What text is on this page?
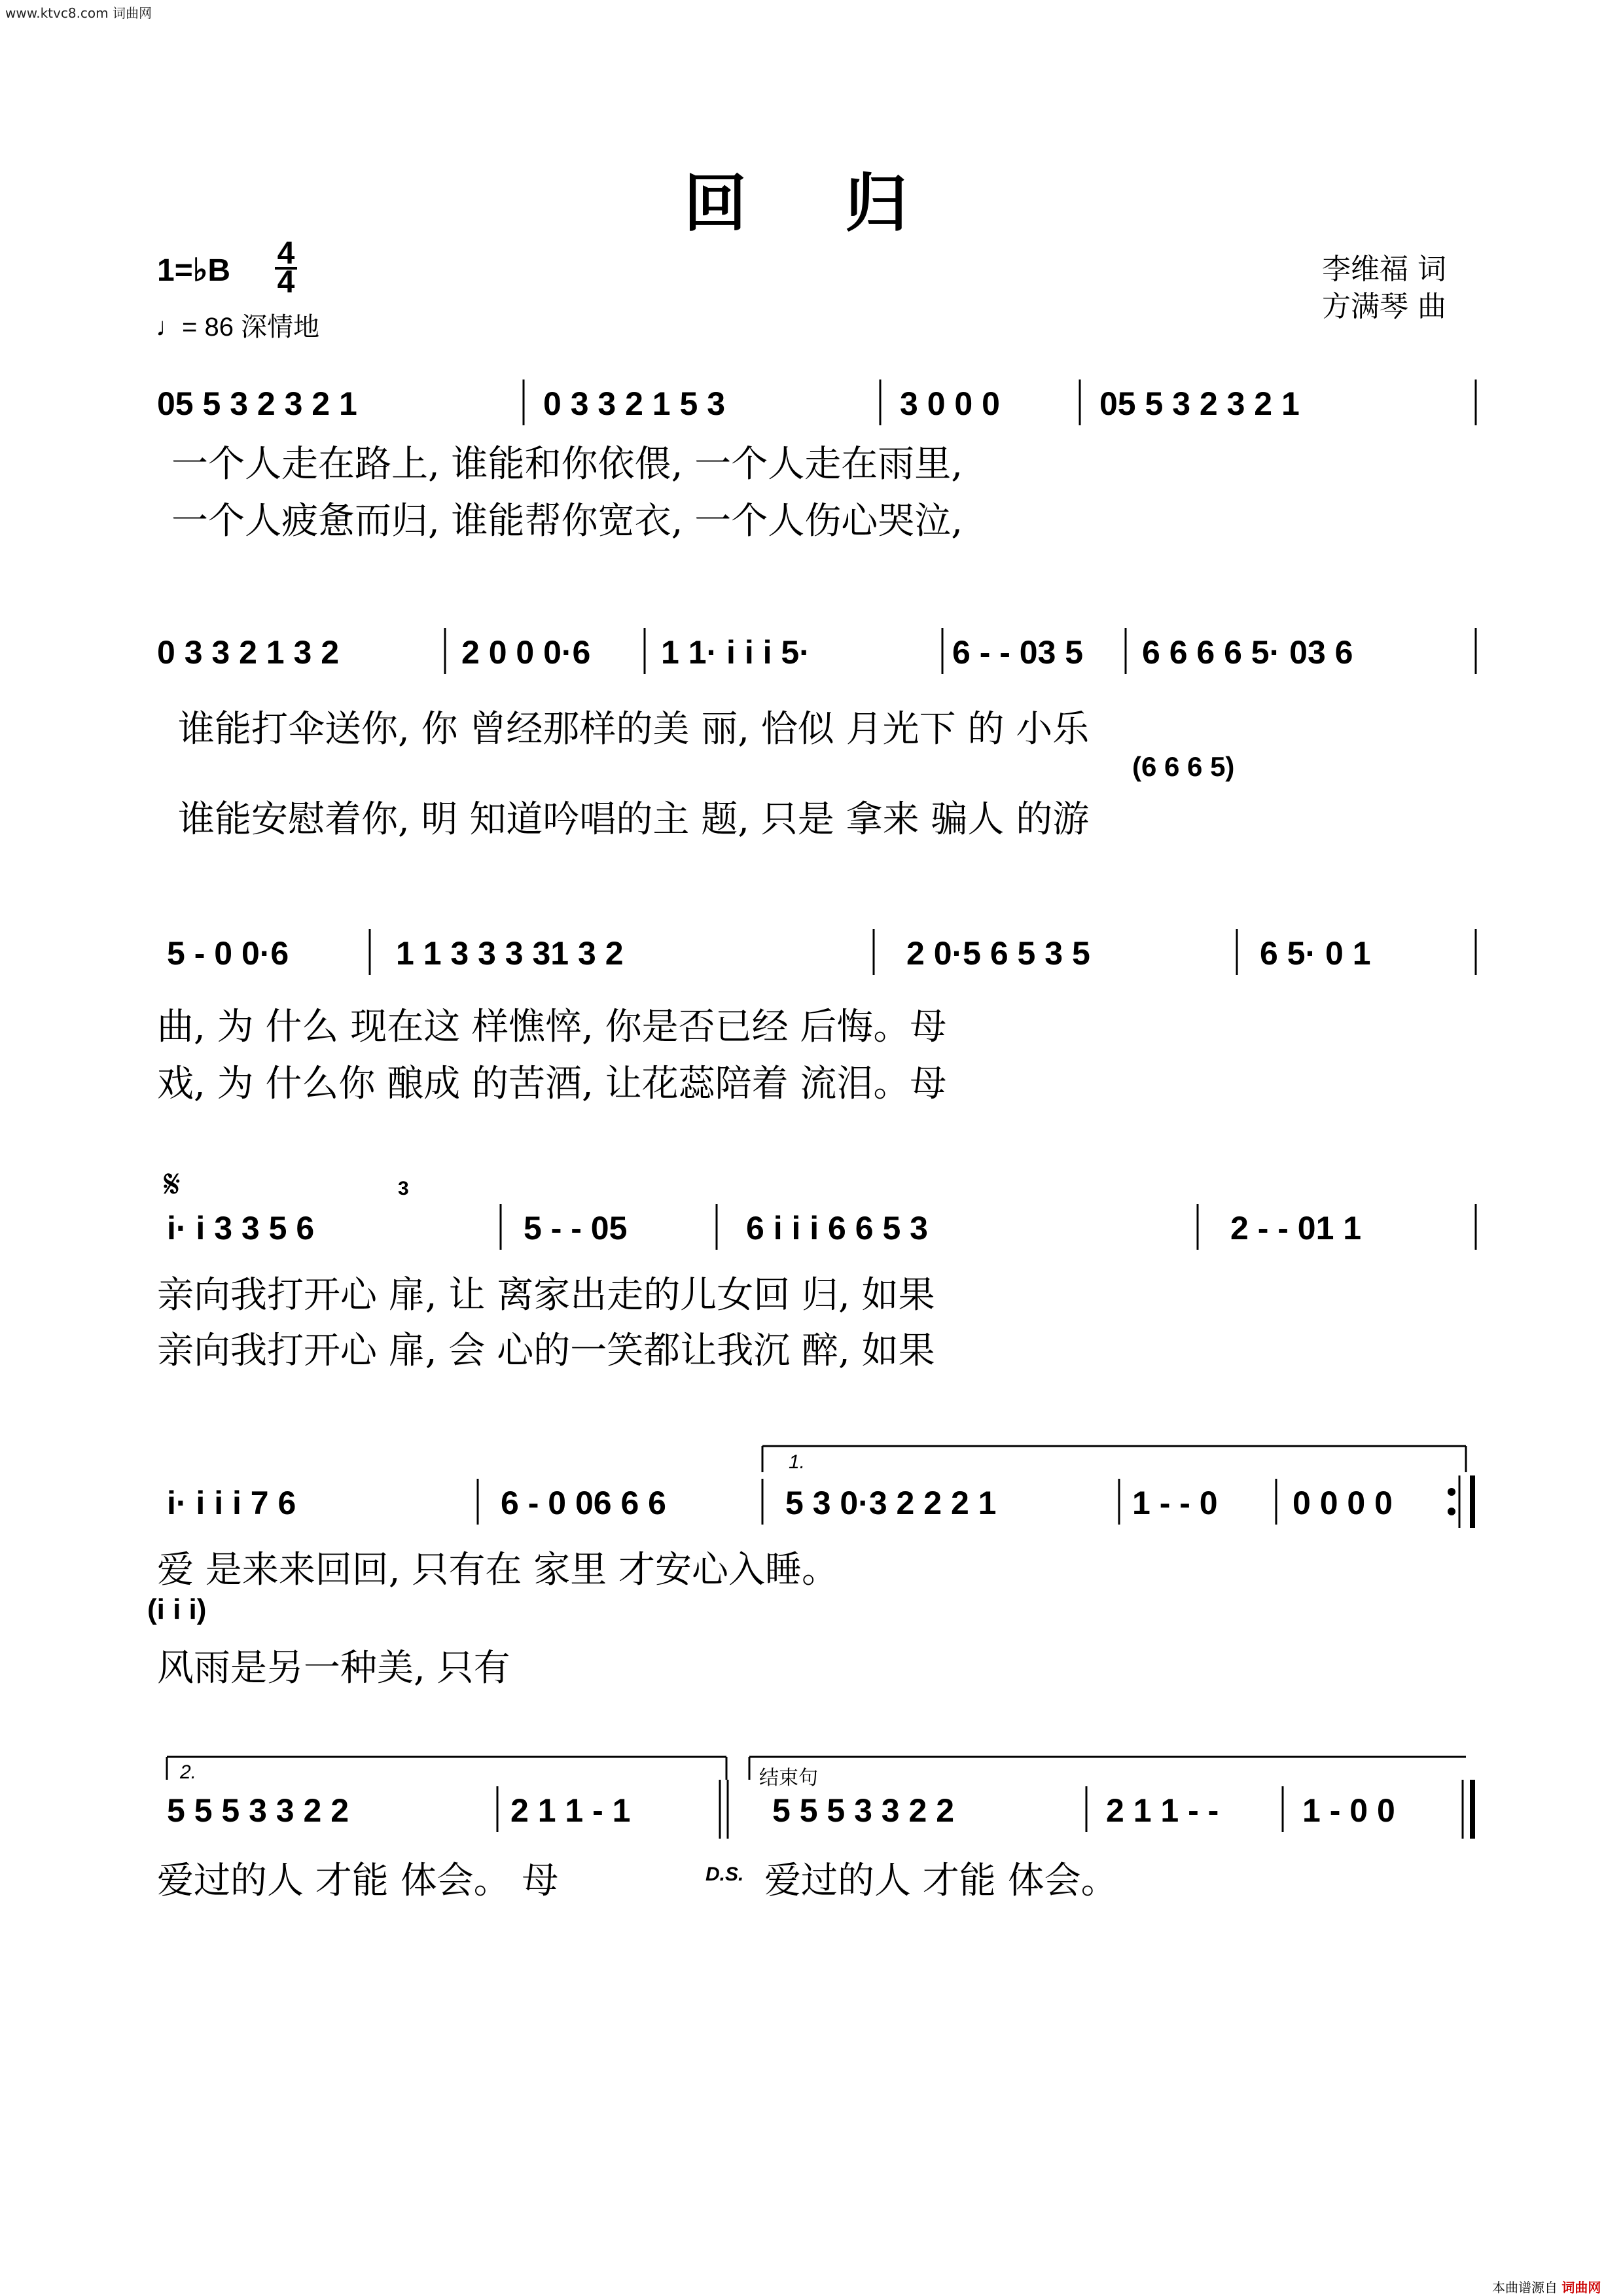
www.ktvc8.com 词曲网
回归
1=♭B 4
4
♩= 86 深情地
李维福 词
方满琴 曲
05 5 3 2 3 2 1	0 3 3 2 1 5 3	3 0 0 0	05 5 3 2 3 2 1
一个人走在路上, 谁能和你依偎, 一个人走在雨里,
一个人疲惫而归, 谁能帮你宽衣, 一个人伤心哭泣,
0 3 3 2 1 3 2	2 0 0 0·6 1 1· i i i 5·	6 - - 03 5 6 6 6 6 5· 03 6
谁能打伞送你, 你 曾经那样的美 丽, 恰似 月光下 的 小乐
(6 6 6 5)
谁能安慰着你, 明 知道吟唱的主 题, 只是 拿来 骗人 的游
5 - 0 0·6	1 1 3 3 3 31 3 2	2 0·5 6 5 3 5	6 5· 0 1
曲, 为 什么 现在这 样憔悴, 你是否已经 后悔。母
戏, 为 什么你 酿成 的苦酒, 让花蕊陪着 流泪。母
𝄋	3
i· i 3 3 5 6	5 - - 05	6 i i i 6 6 5 3	2 - - 01 1
亲向我打开心 扉, 让 离家出走的儿女回 归, 如果
亲向我打开心 扉, 会 心的一笑都让我沉 醉, 如果
1.
i· i i i 7 6	6 - 0 06 6 6	5 3 0·3 2 2 2 1	1 - - 0 0 0 0 0
爱 是来来回回, 只有在 家里 才安心入睡。
(i i i)
风雨是另一种美, 只有
2.	结束句
5 5 5 3 3 2 2	2 1 1 - 1	5 5 5 3 3 2 2	2 1 1 - -	1 - 0 0
爱过的人 才能 体会。 母	D.S. 爱过的人 才能 体会。
本曲谱源自 词曲网
